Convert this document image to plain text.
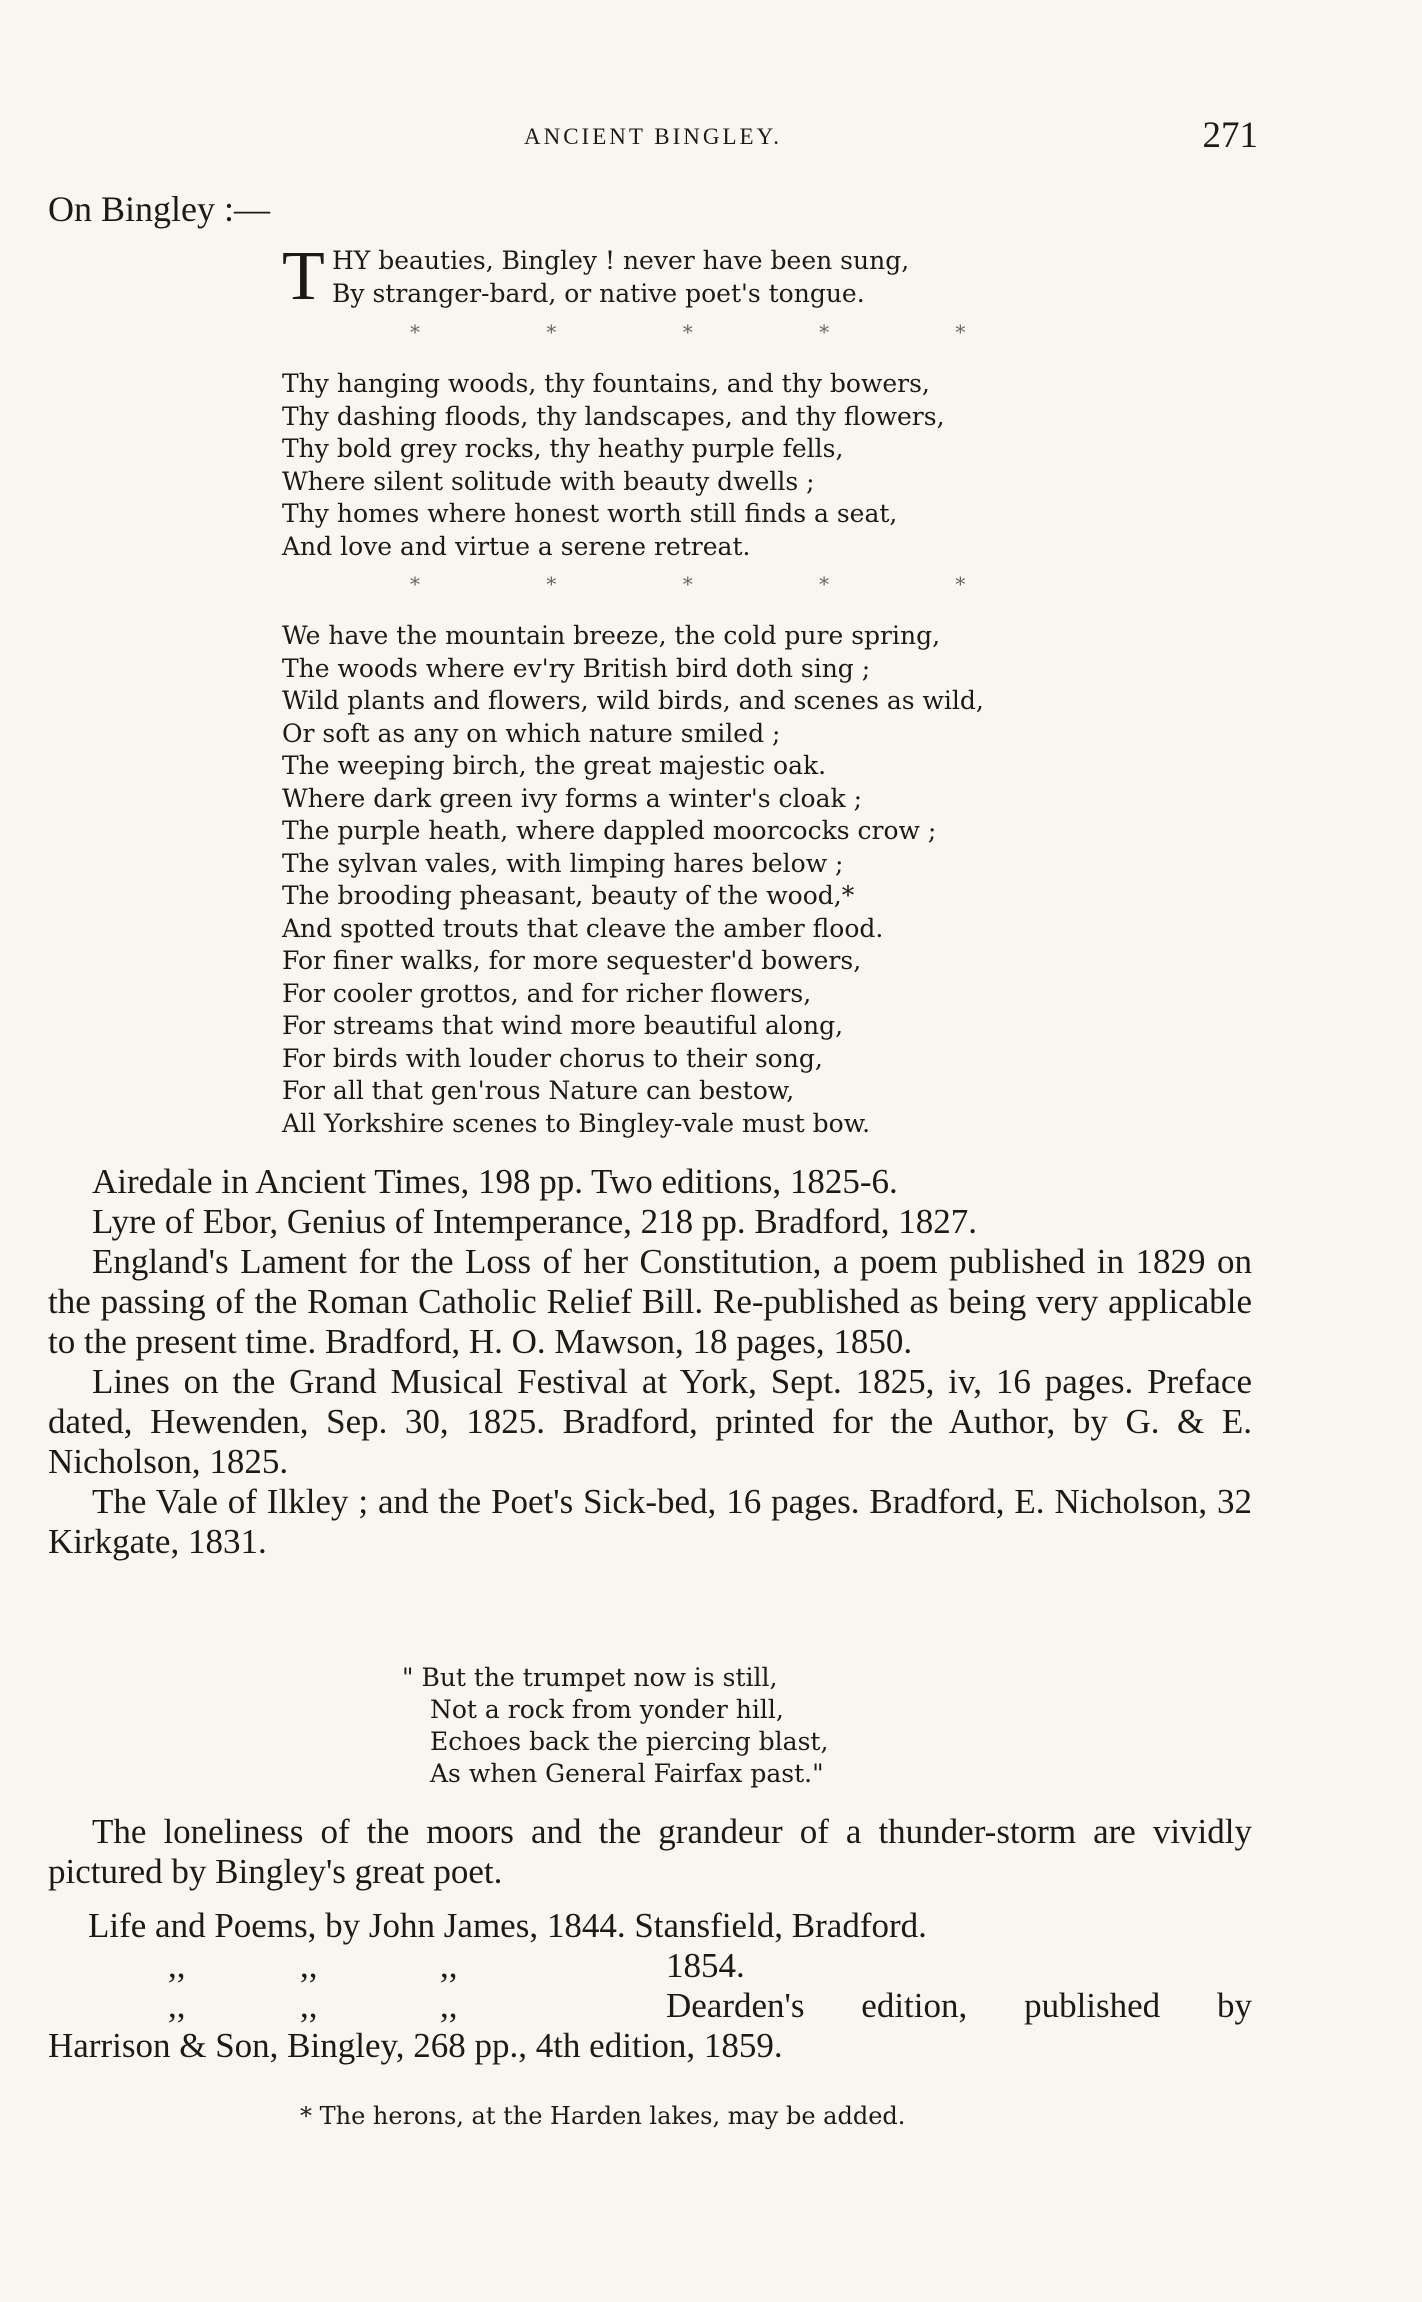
ANCIENT BINGLEY.	271
On Bingley :—
T HY beauties, Bingley ! never have been sung,
By stranger-bard, or native poet's tongue.
* * * * *
Thy hanging woods, thy fountains, and thy bowers,
Thy dashing floods, thy landscapes, and thy flowers,
Thy bold grey rocks, thy heathy purple fells,
Where silent solitude with beauty dwells ;
Thy homes where honest worth still finds a seat,
And love and virtue a serene retreat.
* * * * *
We have the mountain breeze, the cold pure spring,
The woods where ev'ry British bird doth sing ;
Wild plants and flowers, wild birds, and scenes as wild,
Or soft as any on which nature smiled ;
The weeping birch, the great majestic oak.
Where dark green ivy forms a winter's cloak ;
The purple heath, where dappled moorcocks crow ;
The sylvan vales, with limping hares below ;
The brooding pheasant, beauty of the wood,*
And spotted trouts that cleave the amber flood.
For finer walks, for more sequester'd bowers,
For cooler grottos, and for richer flowers,
For streams that wind more beautiful along,
For birds with louder chorus to their song,
For all that gen'rous Nature can bestow,
All Yorkshire scenes to Bingley-vale must bow.
Airedale in Ancient Times, 198 pp. Two editions, 1825-6.
Lyre of Ebor, Genius of Intemperance, 218 pp. Bradford, 1827.
England's Lament for the Loss of her Constitution, a poem published in 1829 on the passing of the Roman Catholic Relief Bill. Re-published as being very applicable to the present time. Bradford, H. O. Mawson, 18 pages, 1850.
Lines on the Grand Musical Festival at York, Sept. 1825, iv, 16 pages. Preface dated, Hewenden, Sep. 30, 1825. Bradford, printed for the Author, by G. & E. Nicholson, 1825.
The Vale of Ilkley ; and the Poet's Sick-bed, 16 pages. Bradford, E. Nicholson, 32 Kirkgate, 1831.
" But the trumpet now is still,
Not a rock from yonder hill,
Echoes back the piercing blast,
As when General Fairfax past."
The loneliness of the moors and the grandeur of a thunder-storm are vividly pictured by Bingley's great poet.
Life and Poems, by John James, 1844. Stansfield, Bradford.
,,	,,	,,	1854.
,,	,,	,,	Dearden's edition, published by
Harrison & Son, Bingley, 268 pp., 4th edition, 1859.
* The herons, at the Harden lakes, may be added.
